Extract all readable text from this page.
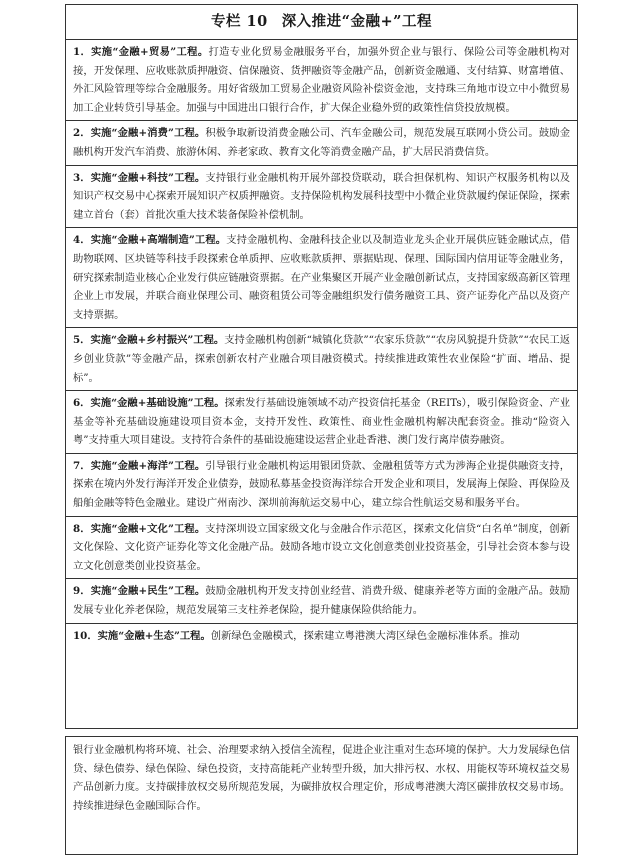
专栏 10 深入推进“金融+”工程
1．实施“金融+贸易”工程。打造专业化贸易金融服务平台，加强外贸企业与银行、保险公司等金融机构对接，开发保理、应收账款质押融资、信保融资、货押融资等金融产品，创新资金融通、支付结算、财富增值、外汇风险管理等综合金融服务。用好省级加工贸易企业融资风险补偿资金池，支持珠三角地市设立中小微贸易加工企业转贷引导基金。加强与中国进出口银行合作，扩大保企业稳外贸的政策性信贷投放规模。
2．实施“金融+消费”工程。积极争取新设消费金融公司、汽车金融公司，规范发展互联网小贷公司。鼓励金融机构开发汽车消费、旅游休闲、养老家政、教育文化等消费金融产品，扩大居民消费信贷。
3．实施“金融+科技”工程。支持银行业金融机构开展外部投贷联动，联合担保机构、知识产权服务机构以及知识产权交易中心探索开展知识产权质押融资。支持保险机构发展科技型中小微企业贷款履约保证保险，探索建立首台（套）首批次重大技术装备保险补偿机制。
4．实施“金融+高端制造”工程。支持金融机构、金融科技企业以及制造业龙头企业开展供应链金融试点，借助物联网、区块链等科技手段探索仓单质押、应收账款质押、票据贴现、保理、国际国内信用证等金融业务，研究探索制造业核心企业发行供应链融资票据。在产业集聚区开展产业金融创新试点，支持国家级高新区管理企业上市发展，并联合商业保理公司、融资租赁公司等金融组织发行债务融资工具、资产证券化产品以及资产支持票据。
5．实施“金融+乡村振兴”工程。支持金融机构创新“城镇化贷款”“农家乐贷款”“农房风貌提升贷款”“农民工返乡创业贷款”等金融产品，探索创新农村产业融合项目融资模式。持续推进政策性农业保险“扩面、增品、提标”。
6．实施“金融+基础设施”工程。探索发行基础设施领域不动产投资信托基金（REITs），吸引保险资金、产业基金等补充基础设施建设项目资本金，支持开发性、政策性、商业性金融机构解决配套资金。推动“险资入粤”支持重大项目建设。支持符合条件的基础设施建设运营企业赴香港、澳门发行离岸债券融资。
7．实施“金融+海洋”工程。引导银行业金融机构运用银团贷款、金融租赁等方式为涉海企业提供融资支持，探索在境内外发行海洋开发企业债券，鼓励私募基金投资海洋综合开发企业和项目，发展海上保险、再保险及船舶金融等特色金融业。建设广州南沙、深圳前海航运交易中心，建立综合性航运交易和服务平台。
8．实施“金融+文化”工程。支持深圳设立国家级文化与金融合作示范区，探索文化信贷“白名单”制度，创新文化保险、文化资产证券化等文化金融产品。鼓励各地市设立文化创意类创业投资基金，引导社会资本参与设立文化创意类创业投资基金。
9．实施“金融+民生”工程。鼓励金融机构开发支持创业经营、消费升级、健康养老等方面的金融产品。鼓励发展专业化养老保险，规范发展第三支柱养老保险，提升健康保险供给能力。
10．实施“金融+生态”工程。创新绿色金融模式，探索建立粤港澳大湾区绿色金融标准体系。推动
银行业金融机构将环境、社会、治理要求纳入授信全流程，促进企业注重对生态环境的保护。大力发展绿色信贷、绿色债券、绿色保险、绿色投资，支持高能耗产业转型升级，加大排污权、水权、用能权等环境权益交易产品创新力度。支持碳排放权交易所规范发展，为碳排放权合理定价，形成粤港澳大湾区碳排放权交易市场。持续推进绿色金融国际合作。
